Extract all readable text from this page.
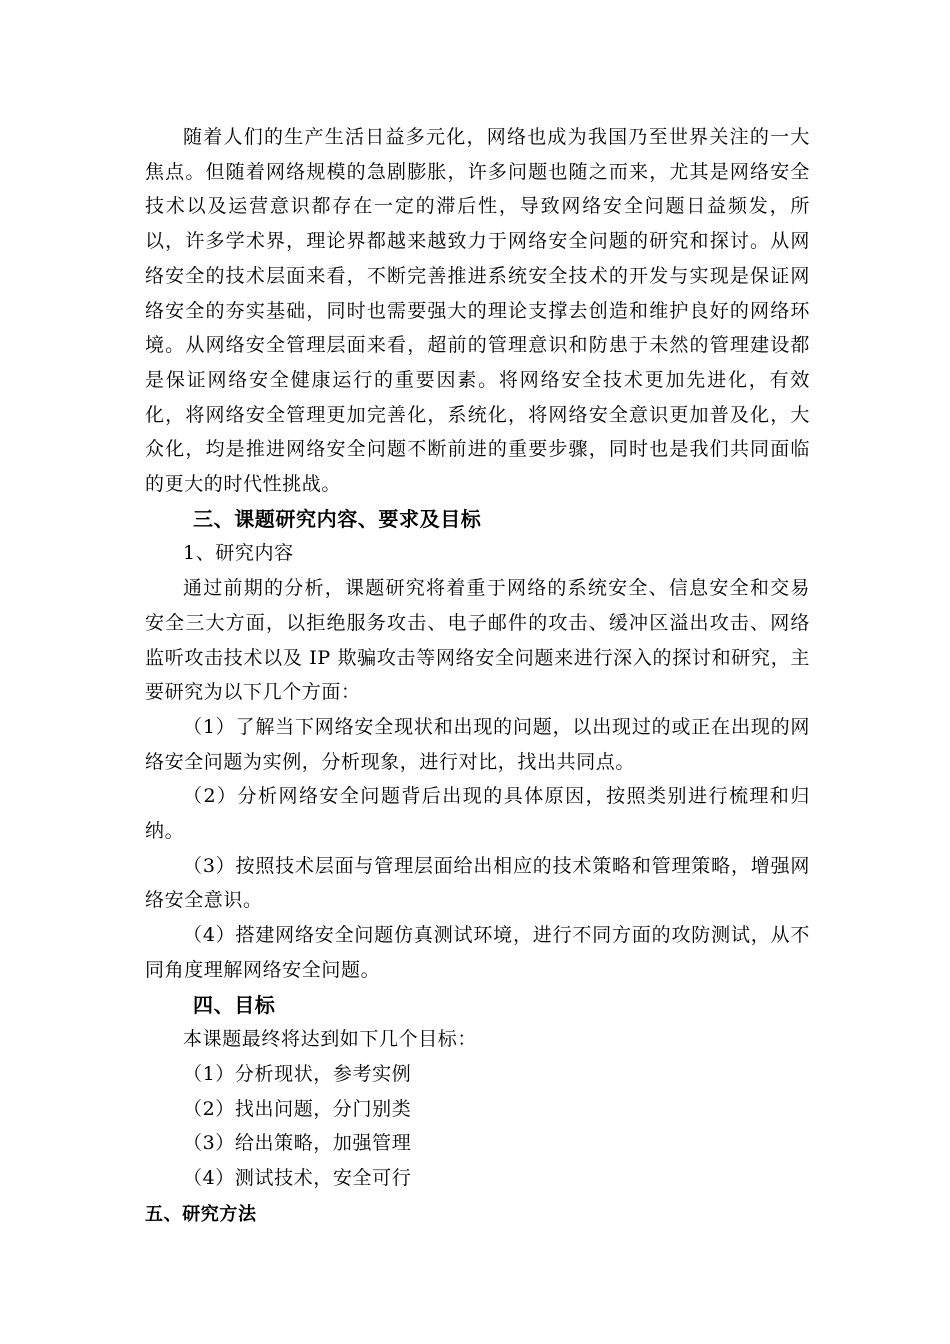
随着人们的生产生活日益多元化，网络也成为我国乃至世界关注的一大焦点。但随着网络规模的急剧膨胀，许多问题也随之而来，尤其是网络安全技术以及运营意识都存在一定的滞后性，导致网络安全问题日益频发，所以，许多学术界，理论界都越来越致力于网络安全问题的研究和探讨。从网络安全的技术层面来看，不断完善推进系统安全技术的开发与实现是保证网络安全的夯实基础，同时也需要强大的理论支撑去创造和维护良好的网络环境。从网络安全管理层面来看，超前的管理意识和防患于未然的管理建设都是保证网络安全健康运行的重要因素。将网络安全技术更加先进化，有效化，将网络安全管理更加完善化，系统化，将网络安全意识更加普及化，大众化，均是推进网络安全问题不断前进的重要步骤，同时也是我们共同面临的更大的时代性挑战。

三、课题研究内容、要求及目标

1、研究内容

通过前期的分析，课题研究将着重于网络的系统安全、信息安全和交易安全三大方面，以拒绝服务攻击、电子邮件的攻击、缓冲区溢出攻击、网络监听攻击技术以及 IP 欺骗攻击等网络安全问题来进行深入的探讨和研究，主要研究为以下几个方面：

（1）了解当下网络安全现状和出现的问题，以出现过的或正在出现的网络安全问题为实例，分析现象，进行对比，找出共同点。

（2）分析网络安全问题背后出现的具体原因，按照类别进行梳理和归纳。

（3）按照技术层面与管理层面给出相应的技术策略和管理策略，增强网络安全意识。

（4）搭建网络安全问题仿真测试环境，进行不同方面的攻防测试，从不同角度理解网络安全问题。

四、目标

本课题最终将达到如下几个目标：

（1）分析现状，参考实例

（2）找出问题，分门别类

（3）给出策略，加强管理

（4）测试技术，安全可行

五、研究方法
